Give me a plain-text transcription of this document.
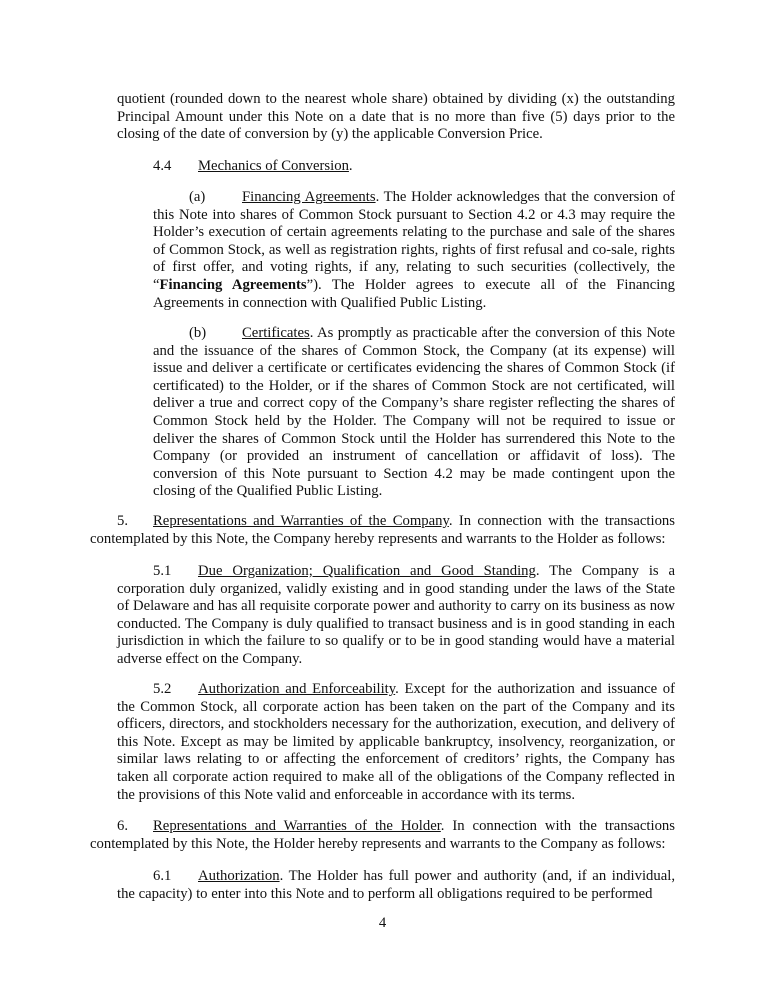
quotient (rounded down to the nearest whole share) obtained by dividing (x) the outstanding Principal Amount under this Note on a date that is no more than five (5) days prior to the closing of the date of conversion by (y) the applicable Conversion Price.

4.4 Mechanics of Conversion.

(a) Financing Agreements. The Holder acknowledges that the conversion of this Note into shares of Common Stock pursuant to Section 4.2 or 4.3 may require the Holder’s execution of certain agreements relating to the purchase and sale of the shares of Common Stock, as well as registration rights, rights of first refusal and co-sale, rights of first offer, and voting rights, if any, relating to such securities (collectively, the “Financing Agreements”). The Holder agrees to execute all of the Financing Agreements in connection with Qualified Public Listing.

(b) Certificates. As promptly as practicable after the conversion of this Note and the issuance of the shares of Common Stock, the Company (at its expense) will issue and deliver a certificate or certificates evidencing the shares of Common Stock (if certificated) to the Holder, or if the shares of Common Stock are not certificated, will deliver a true and correct copy of the Company’s share register reflecting the shares of Common Stock held by the Holder. The Company will not be required to issue or deliver the shares of Common Stock until the Holder has surrendered this Note to the Company (or provided an instrument of cancellation or affidavit of loss). The conversion of this Note pursuant to Section 4.2 may be made contingent upon the closing of the Qualified Public Listing.

5. Representations and Warranties of the Company. In connection with the transactions contemplated by this Note, the Company hereby represents and warrants to the Holder as follows:

5.1 Due Organization; Qualification and Good Standing. The Company is a corporation duly organized, validly existing and in good standing under the laws of the State of Delaware and has all requisite corporate power and authority to carry on its business as now conducted. The Company is duly qualified to transact business and is in good standing in each jurisdiction in which the failure to so qualify or to be in good standing would have a material adverse effect on the Company.

5.2 Authorization and Enforceability. Except for the authorization and issuance of the Common Stock, all corporate action has been taken on the part of the Company and its officers, directors, and stockholders necessary for the authorization, execution, and delivery of this Note. Except as may be limited by applicable bankruptcy, insolvency, reorganization, or similar laws relating to or affecting the enforcement of creditors’ rights, the Company has taken all corporate action required to make all of the obligations of the Company reflected in the provisions of this Note valid and enforceable in accordance with its terms.

6. Representations and Warranties of the Holder. In connection with the transactions contemplated by this Note, the Holder hereby represents and warrants to the Company as follows:

6.1 Authorization. The Holder has full power and authority (and, if an individual, the capacity) to enter into this Note and to perform all obligations required to be performed

4
